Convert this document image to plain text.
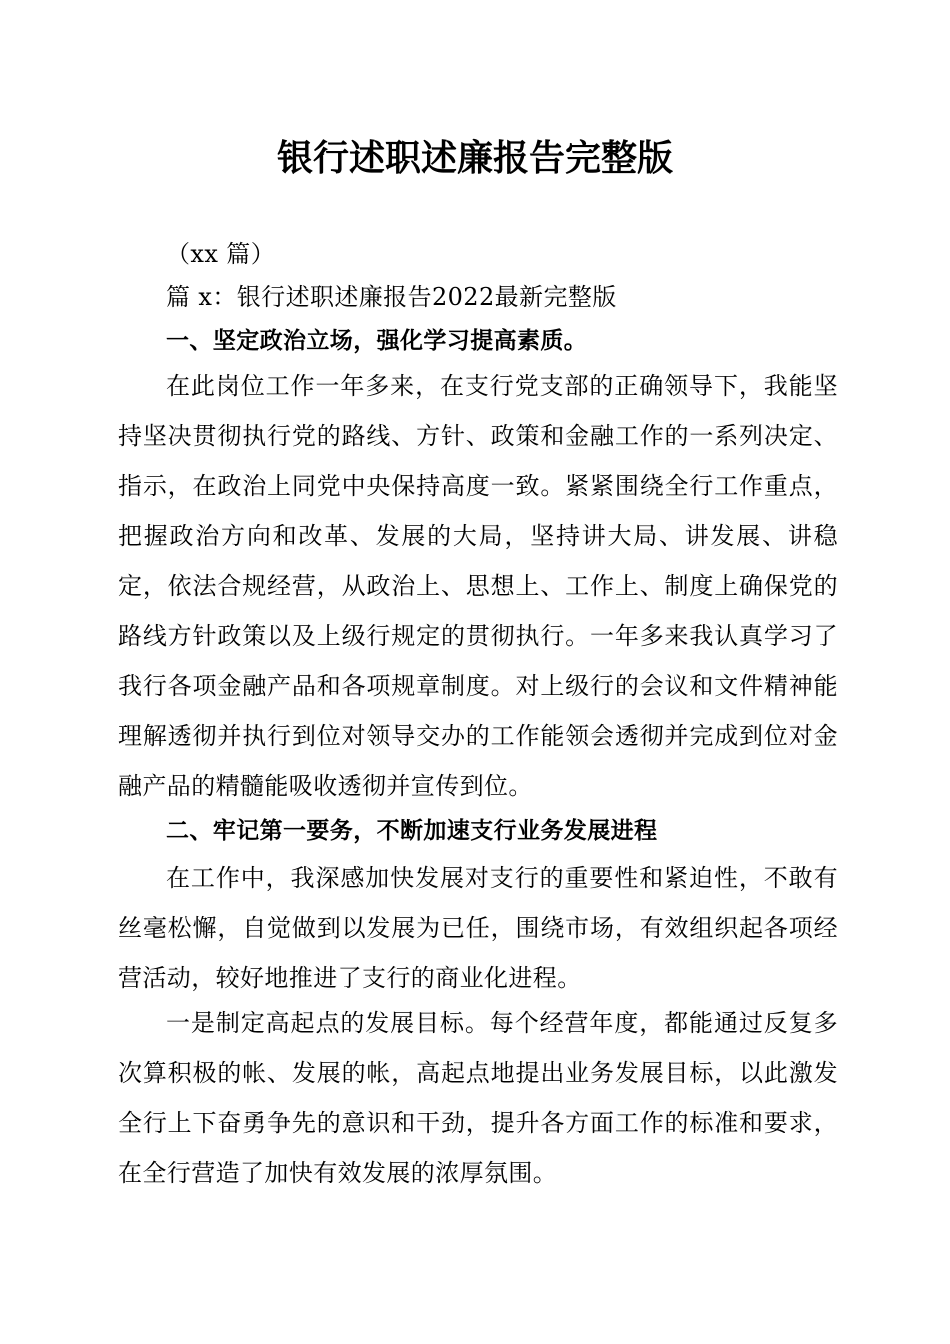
银行述职述廉报告完整版

（xx 篇）

篇 x：银行述职述廉报告2022最新完整版

一、坚定政治立场，强化学习提高素质。

在此岗位工作一年多来，在支行党支部的正确领导下，我能坚持坚决贯彻执行党的路线、方针、政策和金融工作的一系列决定、指示，在政治上同党中央保持高度一致。紧紧围绕全行工作重点，把握政治方向和改革、发展的大局，坚持讲大局、讲发展、讲稳定，依法合规经营，从政治上、思想上、工作上、制度上确保党的路线方针政策以及上级行规定的贯彻执行。一年多来我认真学习了我行各项金融产品和各项规章制度。对上级行的会议和文件精神能理解透彻并执行到位对领导交办的工作能领会透彻并完成到位对金融产品的精髓能吸收透彻并宣传到位。

二、牢记第一要务，不断加速支行业务发展进程

在工作中，我深感加快发展对支行的重要性和紧迫性，不敢有丝毫松懈，自觉做到以发展为已任，围绕市场，有效组织起各项经营活动，较好地推进了支行的商业化进程。

一是制定高起点的发展目标。每个经营年度，都能通过反复多次算积极的帐、发展的帐，高起点地提出业务发展目标，以此激发全行上下奋勇争先的意识和干劲，提升各方面工作的标准和要求，在全行营造了加快有效发展的浓厚氛围。
